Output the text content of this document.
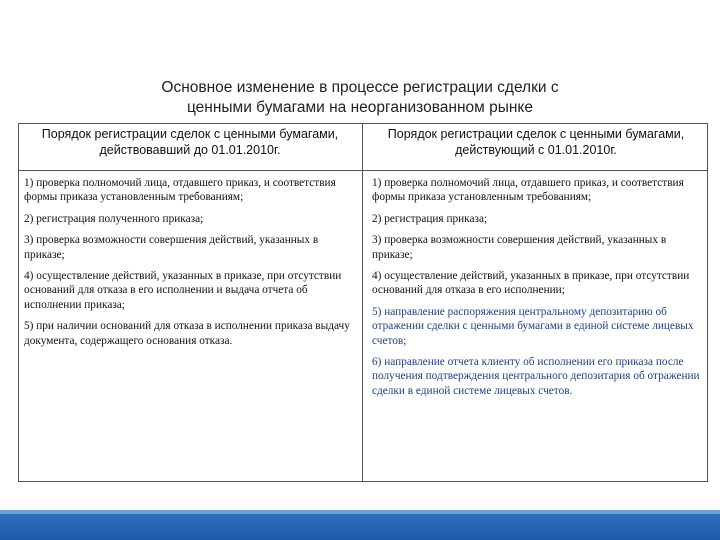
Основное изменение в процессе регистрации сделки с
ценными бумагами на неорганизованном рынке
Порядок регистрации сделок с ценными бумагами, действовавший до 01.01.2010г.
Порядок регистрации сделок с ценными бумагами, действующий с 01.01.2010г.
1) проверка полномочий лица, отдавшего приказ, и соответствия формы приказа установленным требованиям;
2) регистрация полученного приказа;
3) проверка возможности совершения действий, указанных в приказе;
4) осуществление действий, указанных в приказе, при отсутствии оснований для отказа в его исполнении и выдача отчета об исполнении приказа;
5) при наличии оснований для отказа в исполнении приказа выдачу документа, содержащего основания отказа.
1) проверка полномочий лица, отдавшего приказ, и соответствия формы приказа установленным требованиям;
2) регистрация приказа;
3) проверка возможности совершения действий, указанных в приказе;
4) осуществление действий, указанных в приказе, при отсутствии оснований для отказа в его исполнении;
5) направление распоряжения центральному депозитарию об отражении сделки с ценными бумагами в единой системе лицевых счетов;
6) направление отчета клиенту об исполнении его приказа после получения подтверждения центрального депозитария об отражении сделки в единой системе лицевых счетов.
